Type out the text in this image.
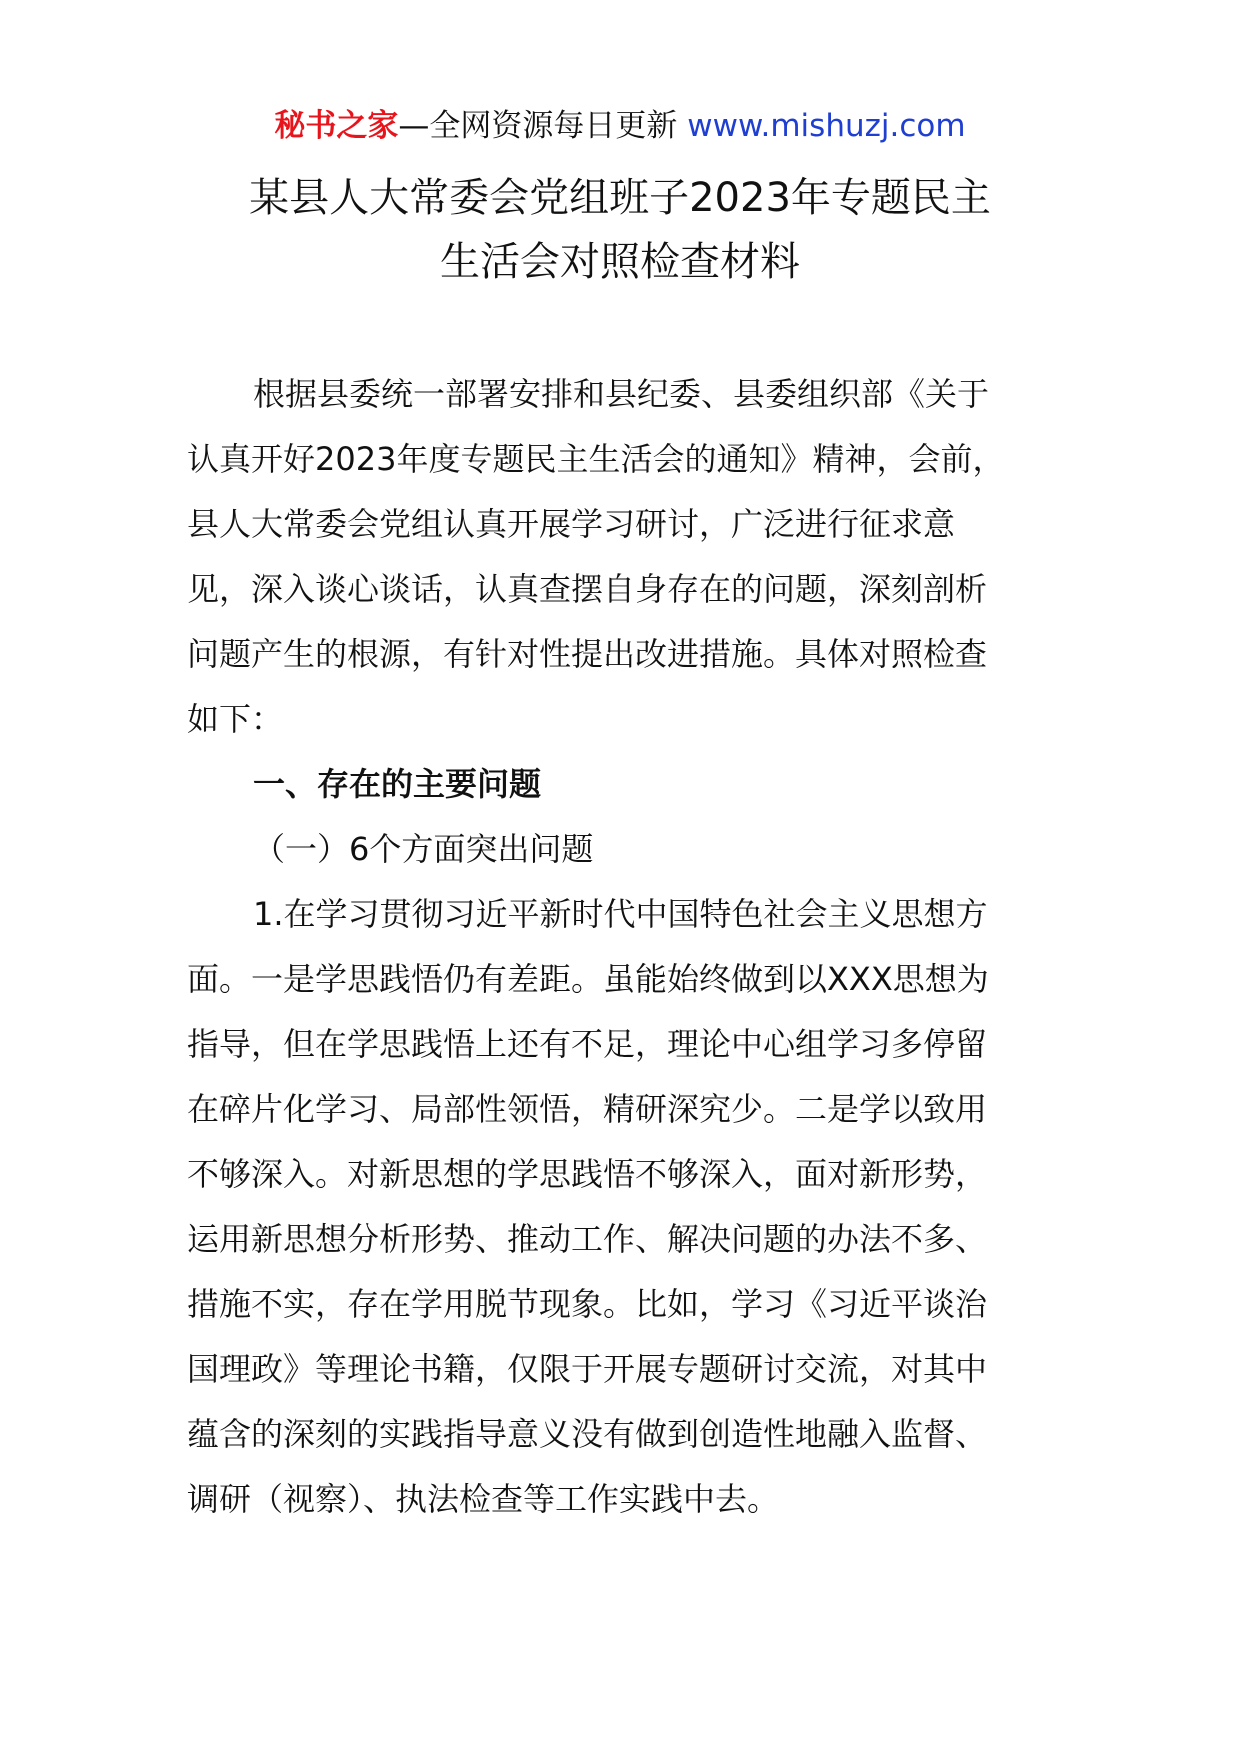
秘书之家—全网资源每日更新 www.mishuzj.com
某县人大常委会党组班子2023年专题民主
生活会对照检查材料
根据县委统一部署安排和县纪委、县委组织部《关于
认真开好2023年度专题民主生活会的通知》精神，会前，
县人大常委会党组认真开展学习研讨，广泛进行征求意
见，深入谈心谈话，认真查摆自身存在的问题，深刻剖析
问题产生的根源，有针对性提出改进措施。具体对照检查
如下：
一、存在的主要问题
（一）6个方面突出问题
1.在学习贯彻习近平新时代中国特色社会主义思想方
面。一是学思践悟仍有差距。虽能始终做到以XXX思想为
指导，但在学思践悟上还有不足，理论中心组学习多停留
在碎片化学习、局部性领悟，精研深究少。二是学以致用
不够深入。对新思想的学思践悟不够深入，面对新形势，
运用新思想分析形势、推动工作、解决问题的办法不多、
措施不实，存在学用脱节现象。比如，学习《习近平谈治
国理政》等理论书籍，仅限于开展专题研讨交流，对其中
蕴含的深刻的实践指导意义没有做到创造性地融入监督、
调研（视察）、执法检查等工作实践中去。
